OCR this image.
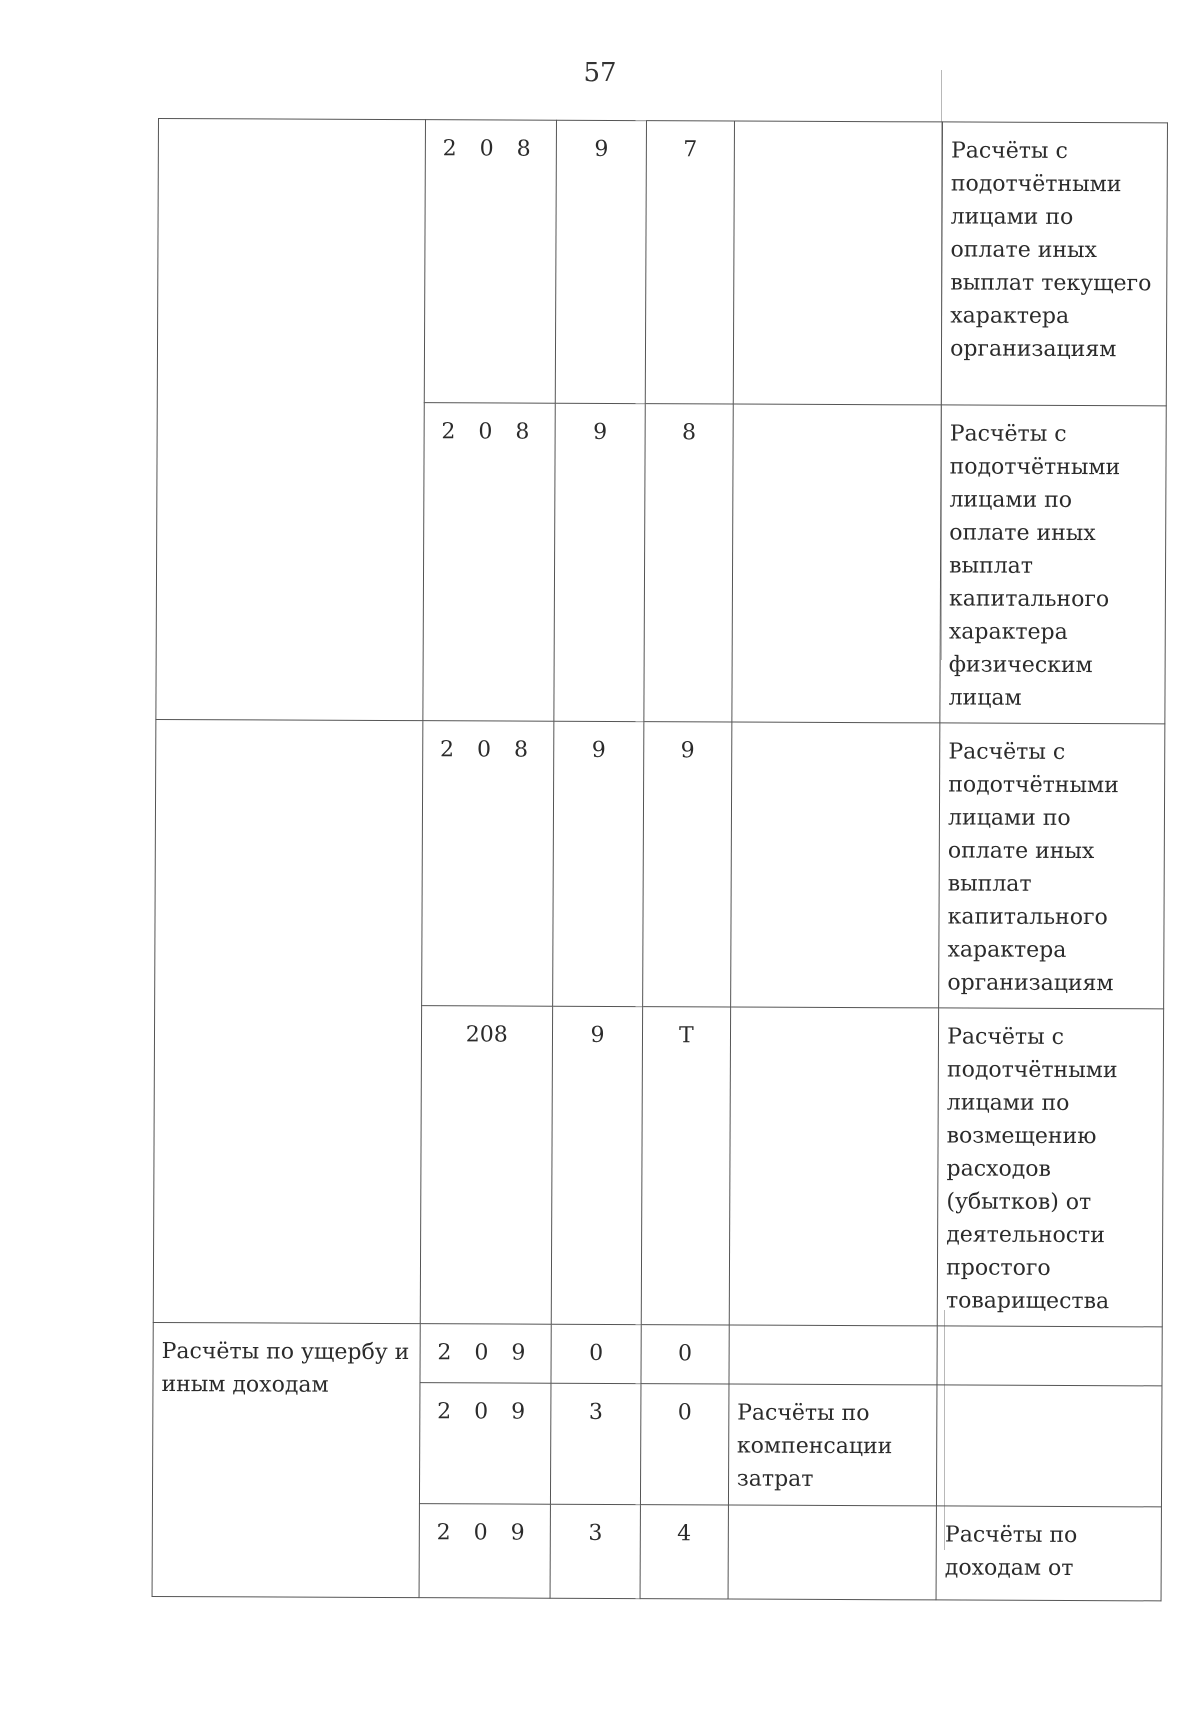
57
	2 0 8	9	7		Расчёты с подотчётными лицами по оплате иных выплат текущего характера организациям
	2 0 8	9	8		Расчёты с подотчётными лицами по оплате иных выплат капитального характера физическим лицам
	2 0 8	9	9		Расчёты с подотчётными лицами по оплате иных выплат капитального характера организациям
	208	9	Т		Расчёты с подотчётными лицами по возмещению расходов (убытков) от деятельности простого товарищества
Расчёты по ущербу и иным доходам	2 0 9	0	0		
	2 0 9	3	0	Расчёты по компенсации затрат	
	2 0 9	3	4		Расчёты по доходам от
